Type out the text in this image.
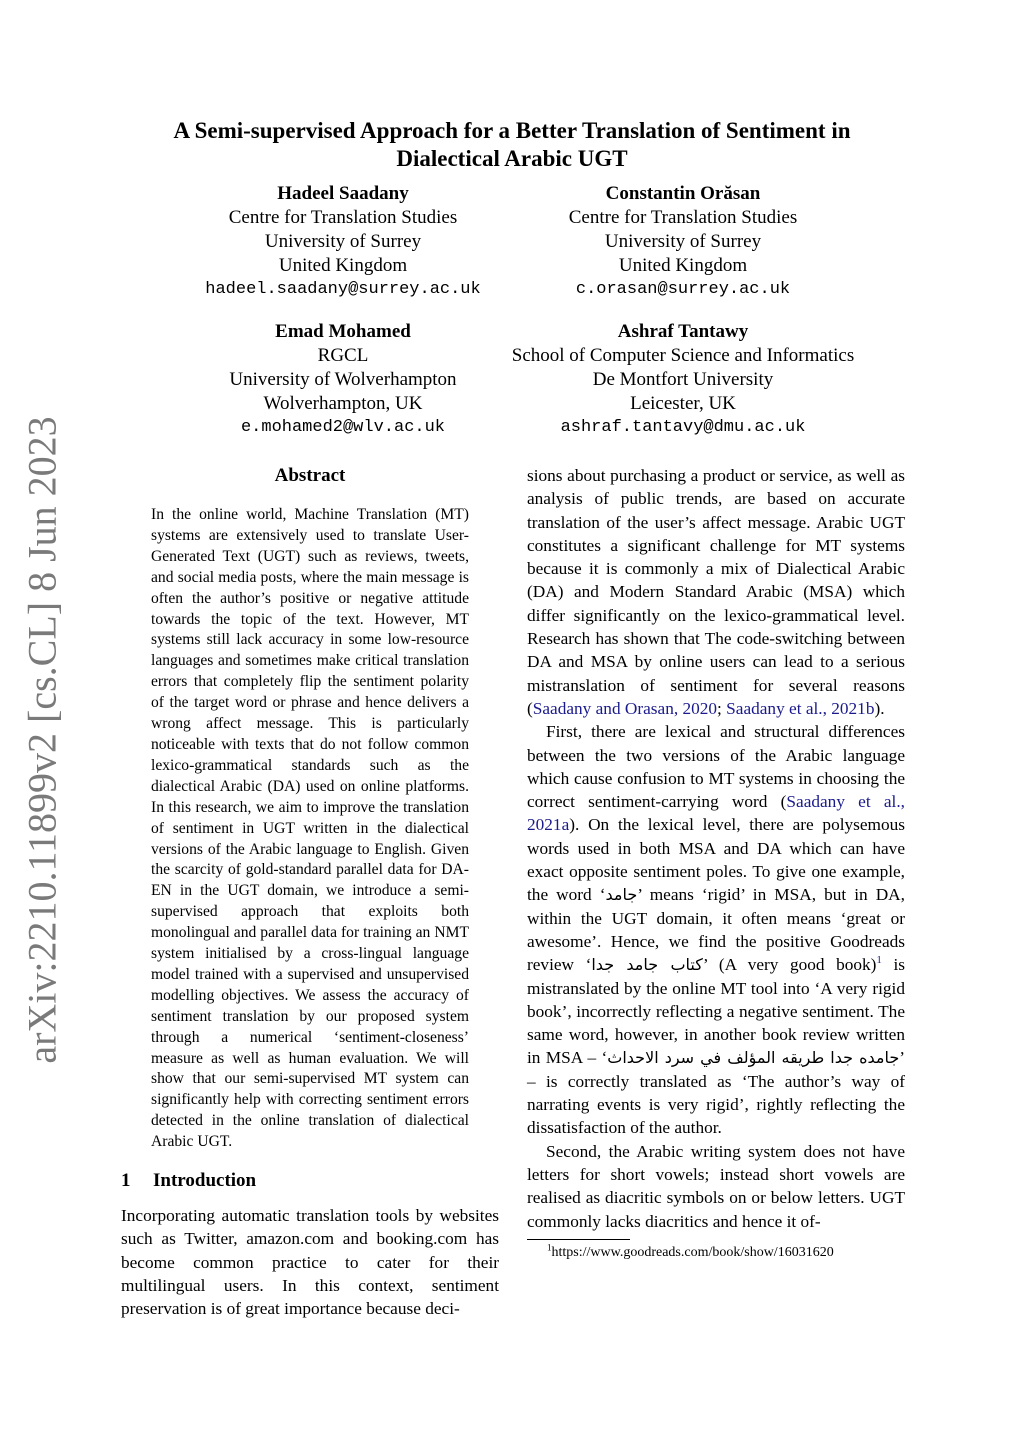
arXiv:2210.11899v2 [cs.CL] 8 Jun 2023
A Semi-supervised Approach for a Better Translation of Sentiment in
Dialectical Arabic UGT
Hadeel Saadany
Centre for Translation Studies
University of Surrey
United Kingdom
hadeel.saadany@surrey.ac.uk
Constantin Orăsan
Centre for Translation Studies
University of Surrey
United Kingdom
c.orasan@surrey.ac.uk
Emad Mohamed
RGCL
University of Wolverhampton
Wolverhampton, UK
e.mohamed2@wlv.ac.uk
Ashraf Tantawy
School of Computer Science and Informatics
De Montfort University
Leicester, UK
ashraf.tantavy@dmu.ac.uk
Abstract
In the online world, Machine Translation (MT) systems are extensively used to translate User-Generated Text (UGT) such as reviews, tweets, and social media posts, where the main message is often the author’s positive or negative attitude towards the topic of the text. However, MT systems still lack accuracy in some low-resource languages and sometimes make critical translation errors that completely flip the sentiment polarity of the target word or phrase and hence delivers a wrong affect message. This is particularly noticeable with texts that do not follow common lexico-grammatical standards such as the dialectical Arabic (DA) used on online platforms. In this research, we aim to improve the translation of sentiment in UGT written in the dialectical versions of the Arabic language to English. Given the scarcity of gold-standard parallel data for DA-EN in the UGT domain, we introduce a semi-supervised approach that exploits both monolingual and parallel data for training an NMT system initialised by a cross-lingual language model trained with a supervised and unsupervised modelling objectives. We assess the accuracy of sentiment translation by our proposed system through a numerical ‘sentiment-closeness’ measure as well as human evaluation. We will show that our semi-supervised MT system can significantly help with correcting sentiment errors detected in the online translation of dialectical Arabic UGT.
1 Introduction

Incorporating automatic translation tools by websites such as Twitter, amazon.com and booking.com has become common practice to cater for their multilingual users. In this context, sentiment preservation is of great importance because deci-

sions about purchasing a product or service, as well as analysis of public trends, are based on accurate translation of the user’s affect message. Arabic UGT constitutes a significant challenge for MT systems because it is commonly a mix of Dialectical Arabic (DA) and Modern Standard Arabic (MSA) which differ significantly on the lexico-grammatical level. Research has shown that The code-switching between DA and MSA by online users can lead to a serious mistranslation of sentiment for several reasons (Saadany and Orasan, 2020; Saadany et al., 2021b).

First, there are lexical and structural differences between the two versions of the Arabic language which cause confusion to MT systems in choosing the correct sentiment-carrying word (Saadany et al., 2021a). On the lexical level, there are polysemous words used in both MSA and DA which can have exact opposite sentiment poles. To give one example, the word ‘جامد’ means ‘rigid’ in MSA, but in DA, within the UGT domain, it often means ‘great or awesome’. Hence, we find the positive Goodreads review ‘كتاب جامد جدا’ (A very good book)$^1$ is mistranslated by the online MT tool into ‘A very rigid book’, incorrectly reflecting a negative sentiment. The same word, however, in another book review written in MSA – ‘جامده جدا طريقه المؤلف في سرد الاحداث’ – is correctly translated as ‘The author’s way of narrating events is very rigid’, rightly reflecting the dissatisfaction of the author.

Second, the Arabic writing system does not have letters for short vowels; instead short vowels are realised as diacritic symbols on or below letters. UGT commonly lacks diacritics and hence it of-

$^1$https://www.goodreads.com/book/show/16031620
